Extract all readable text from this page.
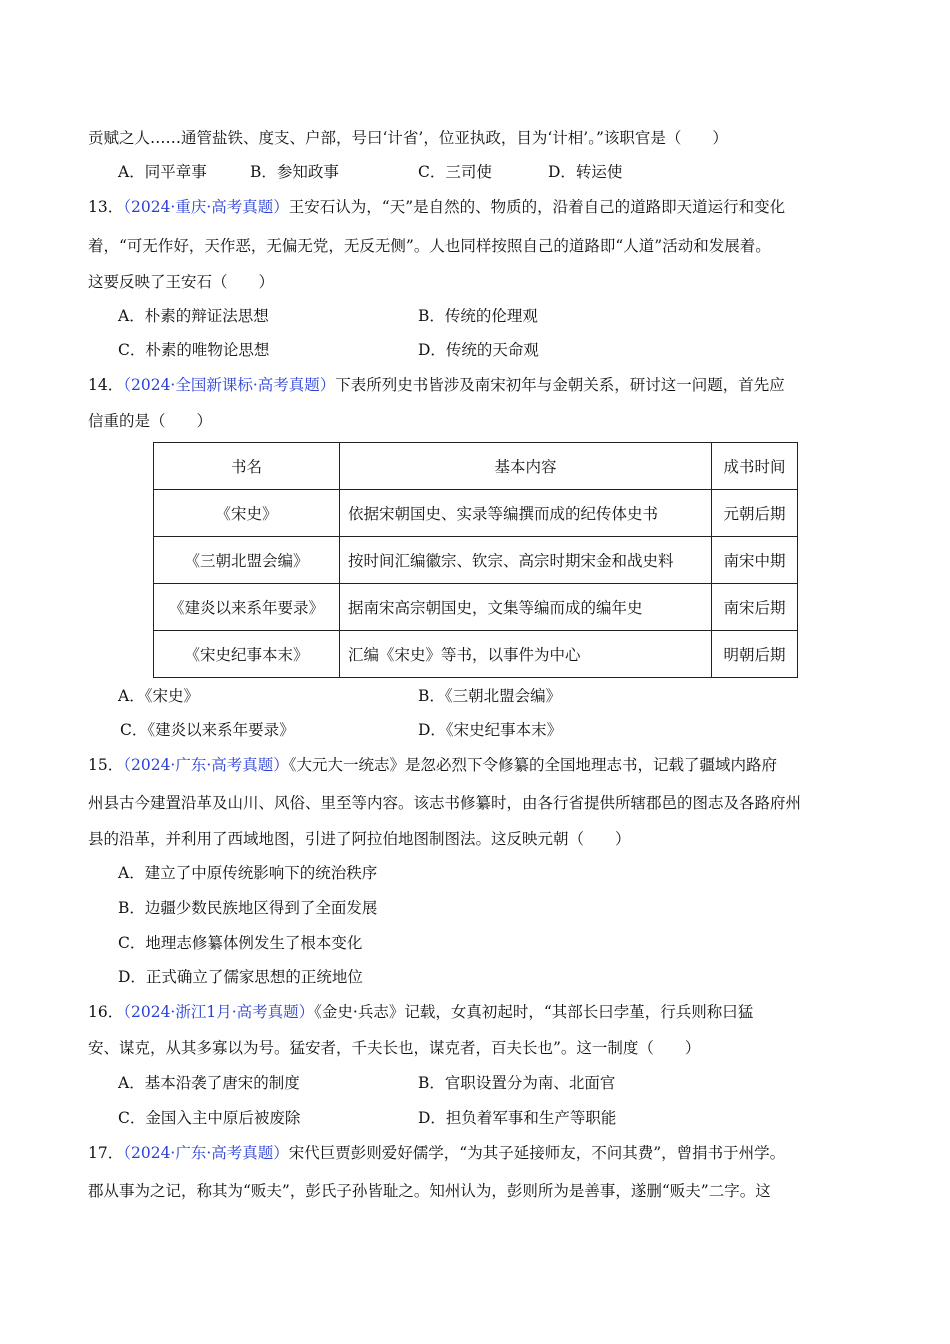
贡赋之人……通管盐铁、度支、户部，号曰‘计省’，位亚执政，目为‘计相’。”该职官是（　　）
A．同平章事	B．参知政事	C．三司使	D．转运使
13．（2024·重庆·高考真题）王安石认为，“天”是自然的、物质的，沿着自己的道路即天道运行和变化
着，“可无作好，天作恶，无偏无党，无反无侧”。人也同样按照自己的道路即“人道”活动和发展着。
这要反映了王安石（　　）
A．朴素的辩证法思想	B．传统的伦理观
C．朴素的唯物论思想	D．传统的天命观
14．（2024·全国新课标·高考真题）下表所列史书皆涉及南宋初年与金朝关系，研讨这一问题，首先应
信重的是（　　）
书名	基本内容	成书时间
《宋史》	依据宋朝国史、实录等编撰而成的纪传体史书	元朝后期
《三朝北盟会编》	按时间汇编徽宗、钦宗、高宗时期宋金和战史料	南宋中期
《建炎以来系年要录》	据南宋高宗朝国史，文集等编而成的编年史	南宋后期
《宋史纪事本末》	汇编《宋史》等书，以事件为中心	明朝后期
A．《宋史》	B．《三朝北盟会编》
C．《建炎以来系年要录》	D．《宋史纪事本末》
15．（2024·广东·高考真题）《大元大一统志》是忽必烈下令修纂的全国地理志书，记载了疆域内路府
州县古今建置沿革及山川、风俗、里至等内容。该志书修纂时，由各行省提供所辖郡邑的图志及各路府州
县的沿革，并利用了西域地图，引进了阿拉伯地图制图法。这反映元朝（　　）
A．建立了中原传统影响下的统治秩序
B．边疆少数民族地区得到了全面发展
C．地理志修纂体例发生了根本变化
D．正式确立了儒家思想的正统地位
16．（2024·浙江1月·高考真题）《金史·兵志》记载，女真初起时，“其部长曰孛堇，行兵则称曰猛
安、谋克，从其多寡以为号。猛安者，千夫长也，谋克者，百夫长也”。这一制度（　　）
A．基本沿袭了唐宋的制度	B．官职设置分为南、北面官
C．金国入主中原后被废除	D．担负着军事和生产等职能
17．（2024·广东·高考真题）宋代巨贾彭则爱好儒学，“为其子延接师友，不问其费”，曾捐书于州学。
郡从事为之记，称其为“贩夫”，彭氏子孙皆耻之。知州认为，彭则所为是善事，遂删“贩夫”二字。这
